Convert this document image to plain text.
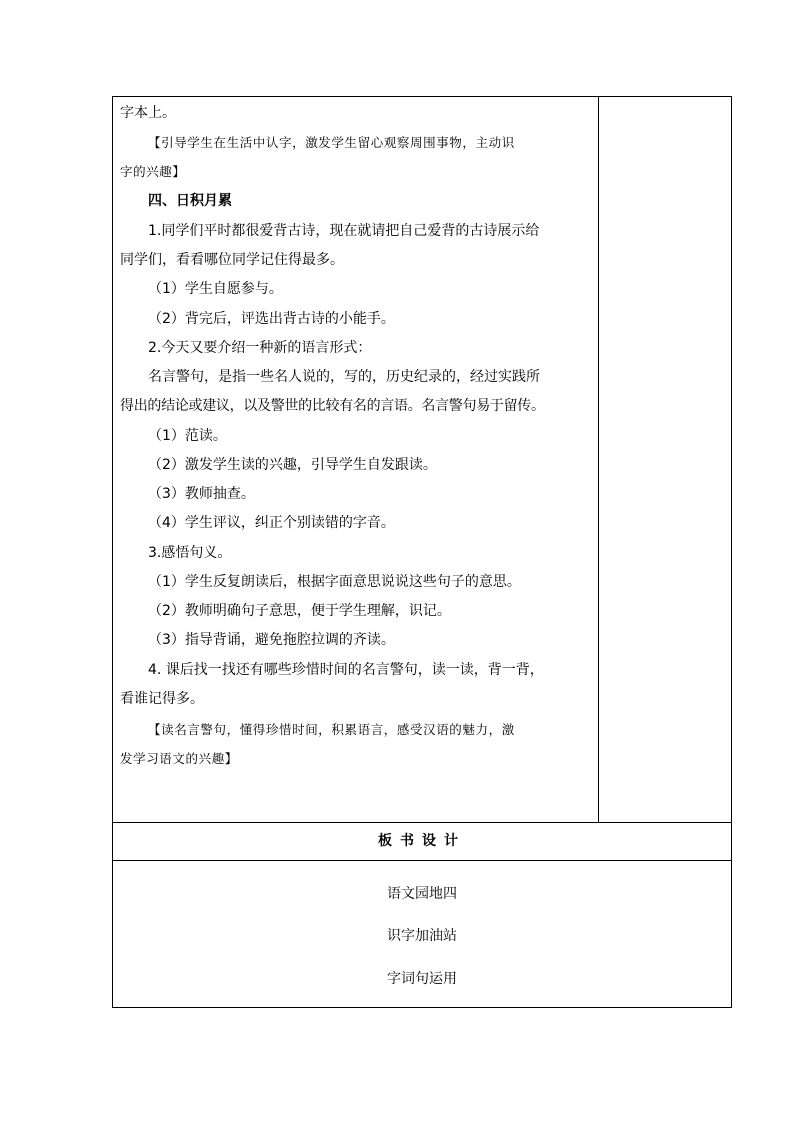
字本上。
【引导学生在生活中认字，激发学生留心观察周围事物，主动识
字的兴趣】
四、日积月累
1.同学们平时都很爱背古诗，现在就请把自己爱背的古诗展示给
同学们，看看哪位同学记住得最多。
（1）学生自愿参与。
（2）背完后，评选出背古诗的小能手。
2.今天又要介绍一种新的语言形式：
名言警句，是指一些名人说的，写的，历史纪录的，经过实践所
得出的结论或建议，以及警世的比较有名的言语。名言警句易于留传。
（1）范读。
（2）激发学生读的兴趣，引导学生自发跟读。
（3）教师抽查。
（4）学生评议，纠正个别读错的字音。
3.感悟句义。
（1）学生反复朗读后，根据字面意思说说这些句子的意思。
（2）教师明确句子意思，便于学生理解，识记。
（3）指导背诵，避免拖腔拉调的齐读。
4. 课后找一找还有哪些珍惜时间的名言警句，读一读，背一背，
看谁记得多。
【读名言警句，懂得珍惜时间，积累语言，感受汉语的魅力，激
发学习语文的兴趣】
板书设计
语文园地四
识字加油站
字词句运用
